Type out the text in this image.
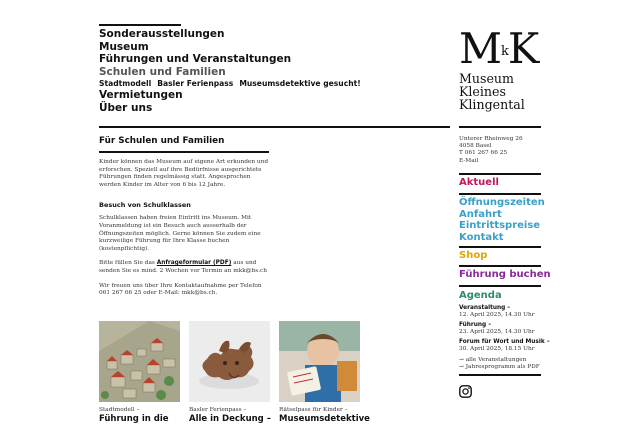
Sonderausstellungen
Museum
Führungen und Veranstaltungen
Schulen und Familien
Stadtmodell Basler Ferienpass Museumsdetektive gesucht!
Vermietungen
Über uns
Für Schulen und Familien

Kinder können das Museum auf eigene Art erkunden und erforschen. Speziell auf ihre Bedürfnisse ausgerichtete Führungen finden regelmässig statt. Angesprochen werden Kinder im Alter von 6 bis 12 Jahre.

Besuch von Schulklassen

Schulklassen haben freien Eintritt ins Museum. Mit Voranmeldung ist ein Besuch auch ausserhalb der Öffnungszeiten möglich. Gerne können Sie zudem eine kurzweilige Führung für Ihre Klasse buchen (kostenpflichtig).

Bitte füllen Sie das Anfrageformular (PDF) aus und senden Sie es mind. 2 Wochen vor Termin an mkk@bs.ch

Wir freuen uns über Ihre Kontaktaufnahme per Telefon 061 267 66 25 oder E-Mail: mkk@bs.ch.

Stadtmodell –
Führung in die
Basler Ferienpass –
Alle in Deckung –
Rätselpass für Kinder –
Museumsdetektive
$M^kK$
Museum
Kleines
Klingental
Unterer Rheinweg 26
4058 Basel
T 061 267 66 25
E-Mail
Aktuell
Öffnungszeiten
Anfahrt
Eintrittspreise
Kontakt
Shop
Führung buchen
Agenda
Veranstaltung –
12. April 2025, 14.30 Uhr
Führung –
23. April 2025, 14.30 Uhr
Forum für Wort und Musik –
30. April 2025, 18.15 Uhr
→ alle Veranstaltungen
→ Jahresprogramm als PDF
